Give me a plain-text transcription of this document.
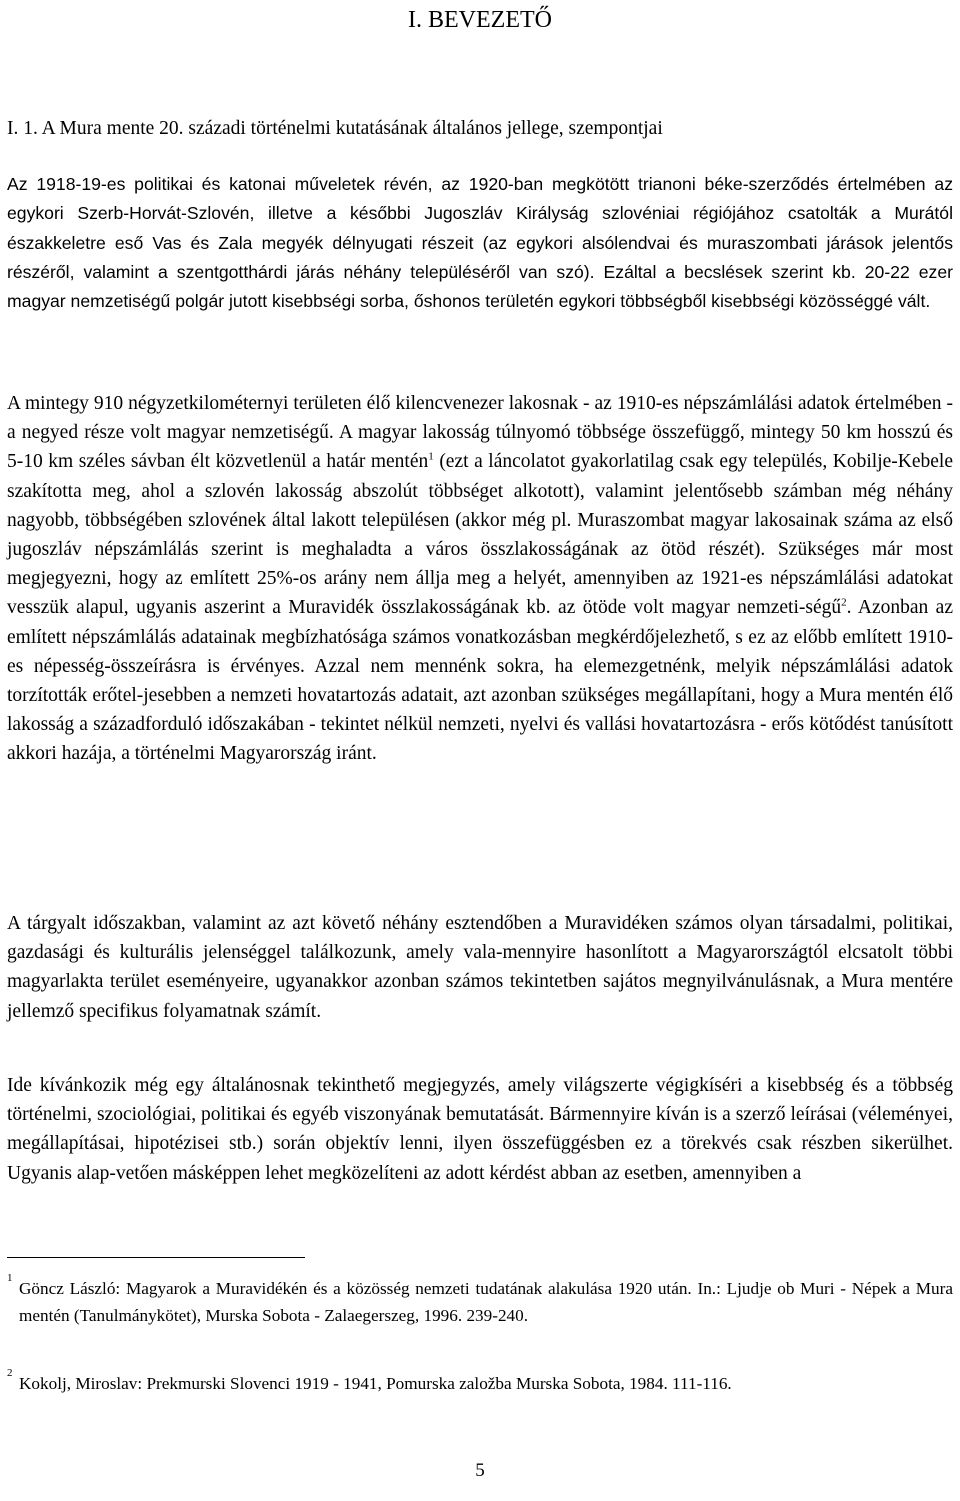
I. BEVEZETŐ
I. 1. A Mura mente 20. századi történelmi kutatásának általános jellege, szempontjai

Az 1918-19-es politikai és katonai műveletek révén, az 1920-ban megkötött trianoni béke-szerződés értelmében az egykori Szerb-Horvát-Szlovén, illetve a későbbi Jugoszláv Királyság szlovéniai régiójához csatolták a Murától északkeletre eső Vas és Zala megyék délnyugati részeit (az egykori alsólendvai és muraszombati járások jelentős részéről, valamint a szentgotthárdi járás néhány településéről van szó). Ezáltal a becslések szerint kb. 20-22 ezer magyar nemzetiségű polgár jutott kisebbségi sorba, őshonos területén egykori többségből kisebbségi közösséggé vált.

A mintegy 910 négyzetkilométernyi területen élő kilencvenezer lakosnak - az 1910-es népszámlálási adatok értelmében - a negyed része volt magyar nemzetiségű. A magyar lakosság túlnyomó többsége összefüggő, mintegy 50 km hosszú és 5-10 km széles sávban élt közvetlenül a határ mentén$^1$ (ezt a láncolatot gyakorlatilag csak egy település, Kobilje-Kebele szakította meg, ahol a szlovén lakosság abszolút többséget alkotott), valamint jelentősebb számban még néhány nagyobb, többségében szlovének által lakott településen (akkor még pl. Muraszombat magyar lakosainak száma az első jugoszláv népszámlálás szerint is meghaladta a város összlakosságának az ötöd részét). Szükséges már most megjegyezni, hogy az említett 25%-os arány nem állja meg a helyét, amennyiben az 1921-es népszámlálási adatokat vesszük alapul, ugyanis aszerint a Muravidék összlakosságának kb. az ötöde volt magyar nemzeti-ségű$^2$. Azonban az említett népszámlálás adatainak megbízhatósága számos vonatkozásban megkérdőjelezhető, s ez az előbb említett 1910-es népesség-összeírásra is érvényes. Azzal nem mennénk sokra, ha elemezgetnénk, melyik népszámlálási adatok torzították erőtel-jesebben a nemzeti hovatartozás adatait, azt azonban szükséges megállapítani, hogy a Mura mentén élő lakosság a századforduló időszakában - tekintet nélkül nemzeti, nyelvi és vallási hovatartozásra - erős kötődést tanúsított akkori hazája, a történelmi Magyarország iránt.

A tárgyalt időszakban, valamint az azt követő néhány esztendőben a Muravidéken számos olyan társadalmi, politikai, gazdasági és kulturális jelenséggel találkozunk, amely vala-mennyire hasonlított a Magyarországtól elcsatolt többi magyarlakta terület eseményeire, ugyanakkor azonban számos tekintetben sajátos megnyilvánulásnak, a Mura mentére jellemző specifikus folyamatnak számít.

Ide kívánkozik még egy általánosnak tekinthető megjegyzés, amely világszerte végigkíséri a kisebbség és a többség történelmi, szociológiai, politikai és egyéb viszonyának bemutatását. Bármennyire kíván is a szerző leírásai (véleményei, megállapításai, hipotézisei stb.) során objektív lenni, ilyen összefüggésben ez a törekvés csak részben sikerülhet. Ugyanis alap-vetően másképpen lehet megközelíteni az adott kérdést abban az esetben, amennyiben a

1
Göncz László: Magyarok a Muravidékén és a közösség nemzeti tudatának alakulása 1920 után. In.: Ljudje ob Muri - Népek a Mura mentén (Tanulmánykötet), Murska Sobota - Zalaegerszeg, 1996. 239-240.

2
Kokolj, Miroslav: Prekmurski Slovenci 1919 - 1941, Pomurska založba Murska Sobota, 1984. 111-116.

5
